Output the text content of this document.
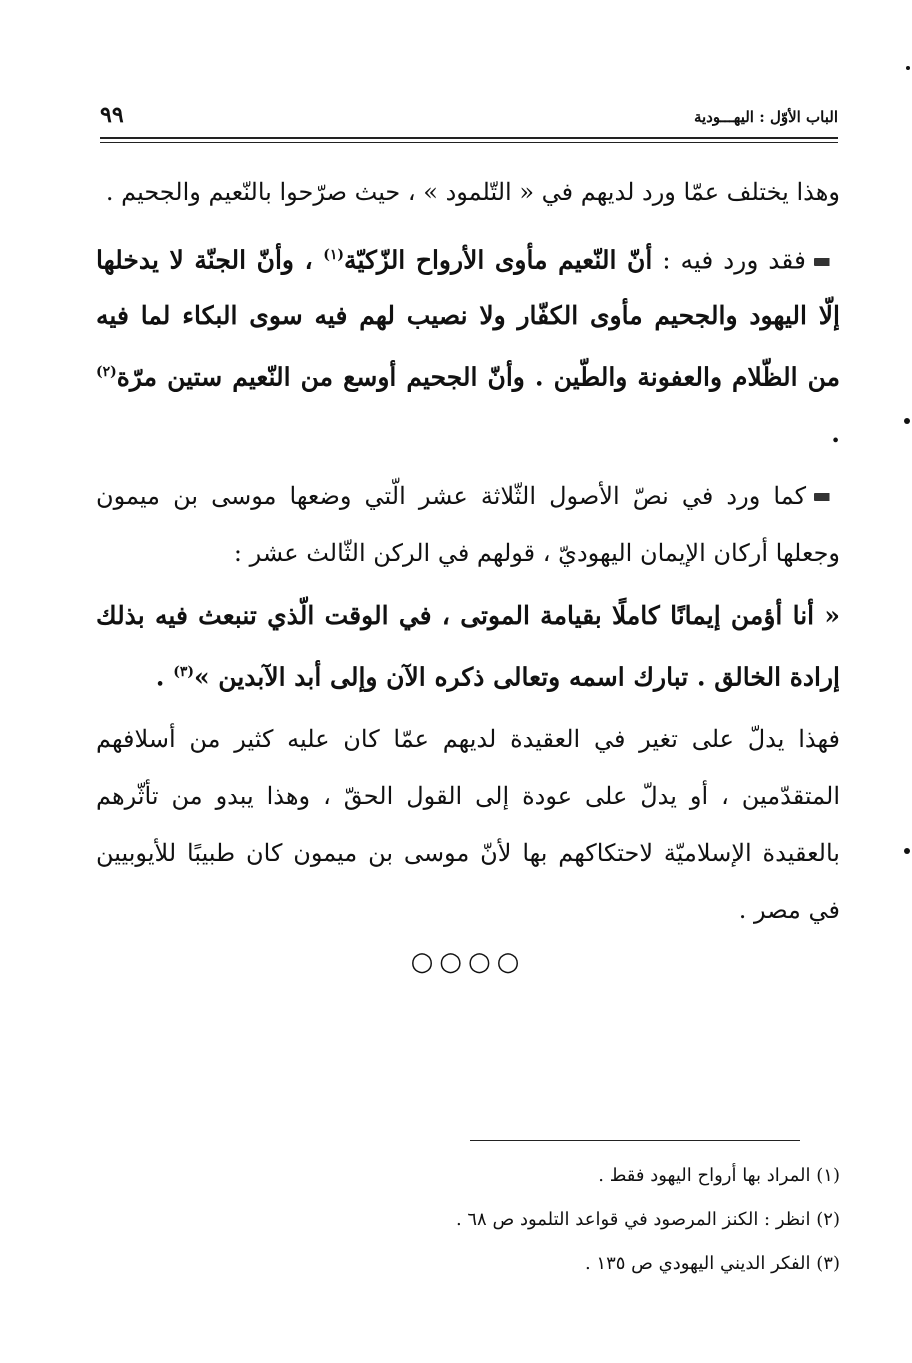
الباب الأوّل : اليهـــودية
٩٩

وهذا يختلف عمّا ورد لديهم في « التّلمود » ، حيث صرّحوا بالنّعيم والجحيم .

فقد ورد فيه : أنّ النّعيم مأوى الأرواح الزّكيّة$^{(١)}$ ، وأنّ الجنّة لا يدخلها إلّا اليهود والجحيم مأوى الكفّار ولا نصيب لهم فيه سوى البكاء لما فيه من الظّلام والعفونة والطّين . وأنّ الجحيم أوسع من النّعيم ستين مرّة$^{(٢)}$ .

كما ورد في نصّ الأصول الثّلاثة عشر الّتي وضعها موسى بن ميمون وجعلها أركان الإيمان اليهوديّ ، قولهم في الركن الثّالث عشر :

« أنا أؤمن إيمانًا كاملًا بقيامة الموتى ، في الوقت الّذي تنبعث فيه بذلك إرادة الخالق . تبارك اسمه وتعالى ذكره الآن وإلى أبد الآبدين »$^{(٣)}$ .

فهذا يدلّ على تغير في العقيدة لديهم عمّا كان عليه كثير من أسلافهم المتقدّمين ، أو يدلّ على عودة إلى القول الحقّ ، وهذا يبدو من تأثّرهم بالعقيدة الإسلاميّة لاحتكاكهم بها لأنّ موسى بن ميمون كان طبيبًا للأيوبيين في مصر .

○○○○
(١) المراد بها أرواح اليهود فقط .
(٢) انظر : الكنز المرصود في قواعد التلمود ص ٦٨ .
(٣) الفكر الديني اليهودي ص ١٣٥ .
